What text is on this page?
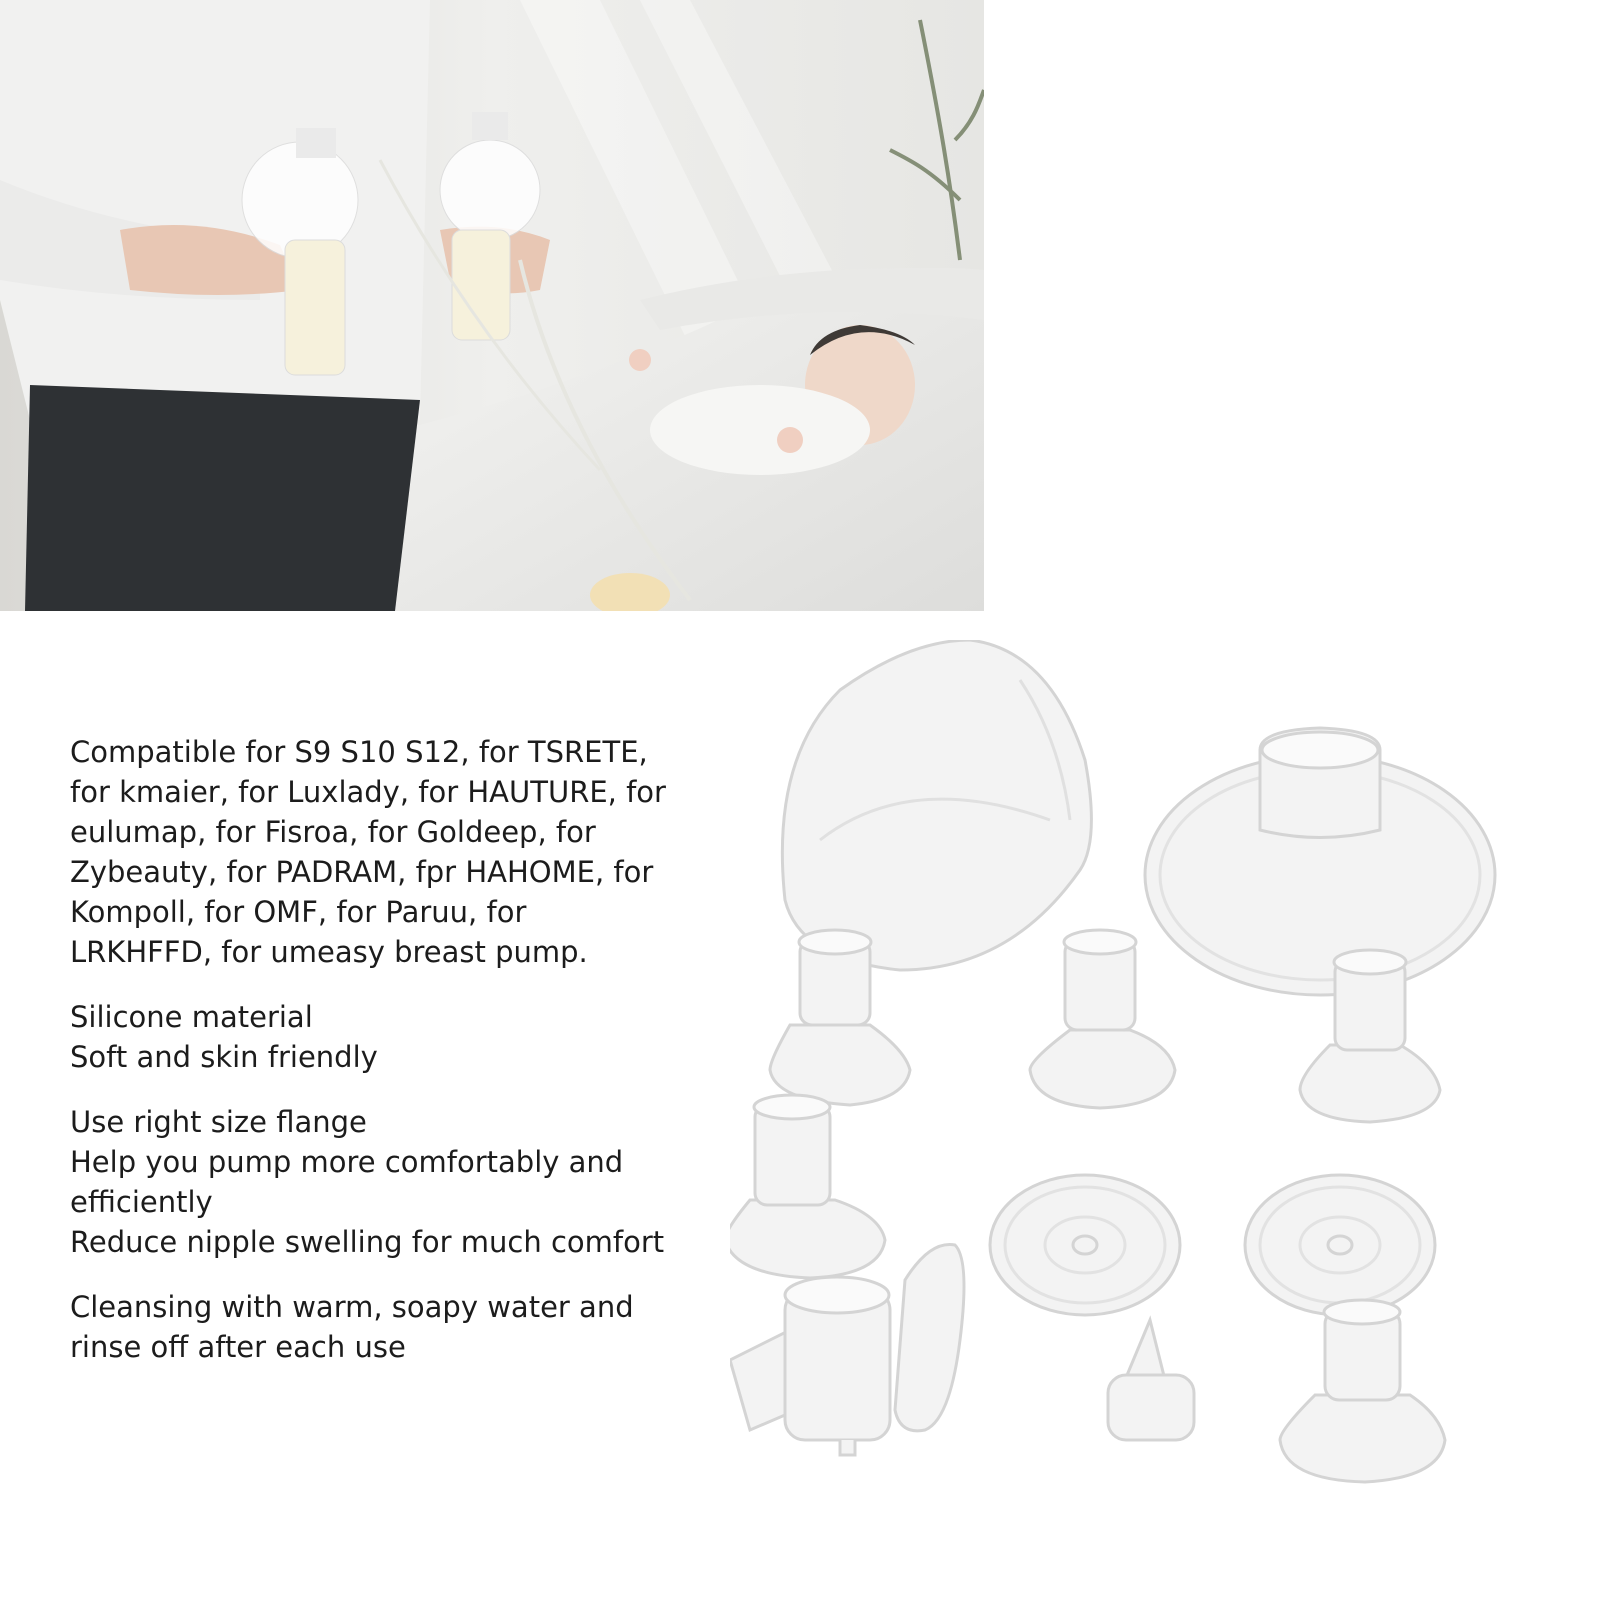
Compatible for S9 S10 S12, for TSRETE,
for kmaier, for Luxlady, for HAUTURE, for
eulumap, for Fisroa, for Goldeep, for
Zybeauty, for PADRAM, fpr HAHOME, for
Kompoll, for OMF, for Paruu, for
LRKHFFD, for umeasy breast pump.

Silicone material
Soft and skin friendly

Use right size flange
Help you pump more comfortably and
efficiently
Reduce nipple swelling for much comfort

Cleansing with warm, soapy water and
rinse off after each use
